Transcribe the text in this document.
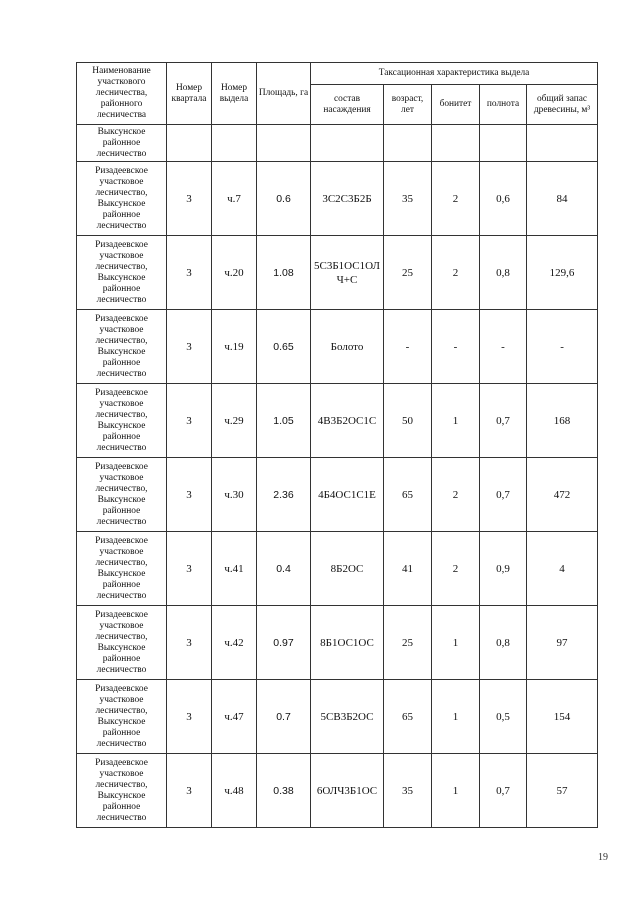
Наименование участкового лесничества, районного лесничества	Номер квартала	Номер выдела	Площадь, га	Таксационная характеристика выдела				
				состав насаждения	возраст, лет	бонитет	полнота	общий запас древесины, м³
Выксунское районное лесничество								
Ризадеевское участковое лесничество, Выксунское районное лесничество	3	ч.7	0.6	3С2С3Б2Б	35	2	0,6	84
Ризадеевское участковое лесничество, Выксунское районное лесничество	3	ч.20	1.08	5С3Б1ОС1ОЛЧ+С	25	2	0,8	129,6
Ризадеевское участковое лесничество, Выксунское районное лесничество	3	ч.19	0.65	Болото	-	-	-	-
Ризадеевское участковое лесничество, Выксунское районное лесничество	3	ч.29	1.05	4В3Б2ОС1С	50	1	0,7	168
Ризадеевское участковое лесничество, Выксунское районное лесничество	3	ч.30	2.36	4Б4ОС1С1Е	65	2	0,7	472
Ризадеевское участковое лесничество, Выксунское районное лесничество	3	ч.41	0.4	8Б2ОС	41	2	0,9	4
Ризадеевское участковое лесничество, Выксунское районное лесничество	3	ч.42	0.97	8Б1ОС1ОС	25	1	0,8	97
Ризадеевское участковое лесничество, Выксунское районное лесничество	3	ч.47	0.7	5СВ3Б2ОС	65	1	0,5	154
Ризадеевское участковое лесничество, Выксунское районное лесничество	3	ч.48	0.38	6ОЛЧ3Б1ОС	35	1	0,7	57
19
